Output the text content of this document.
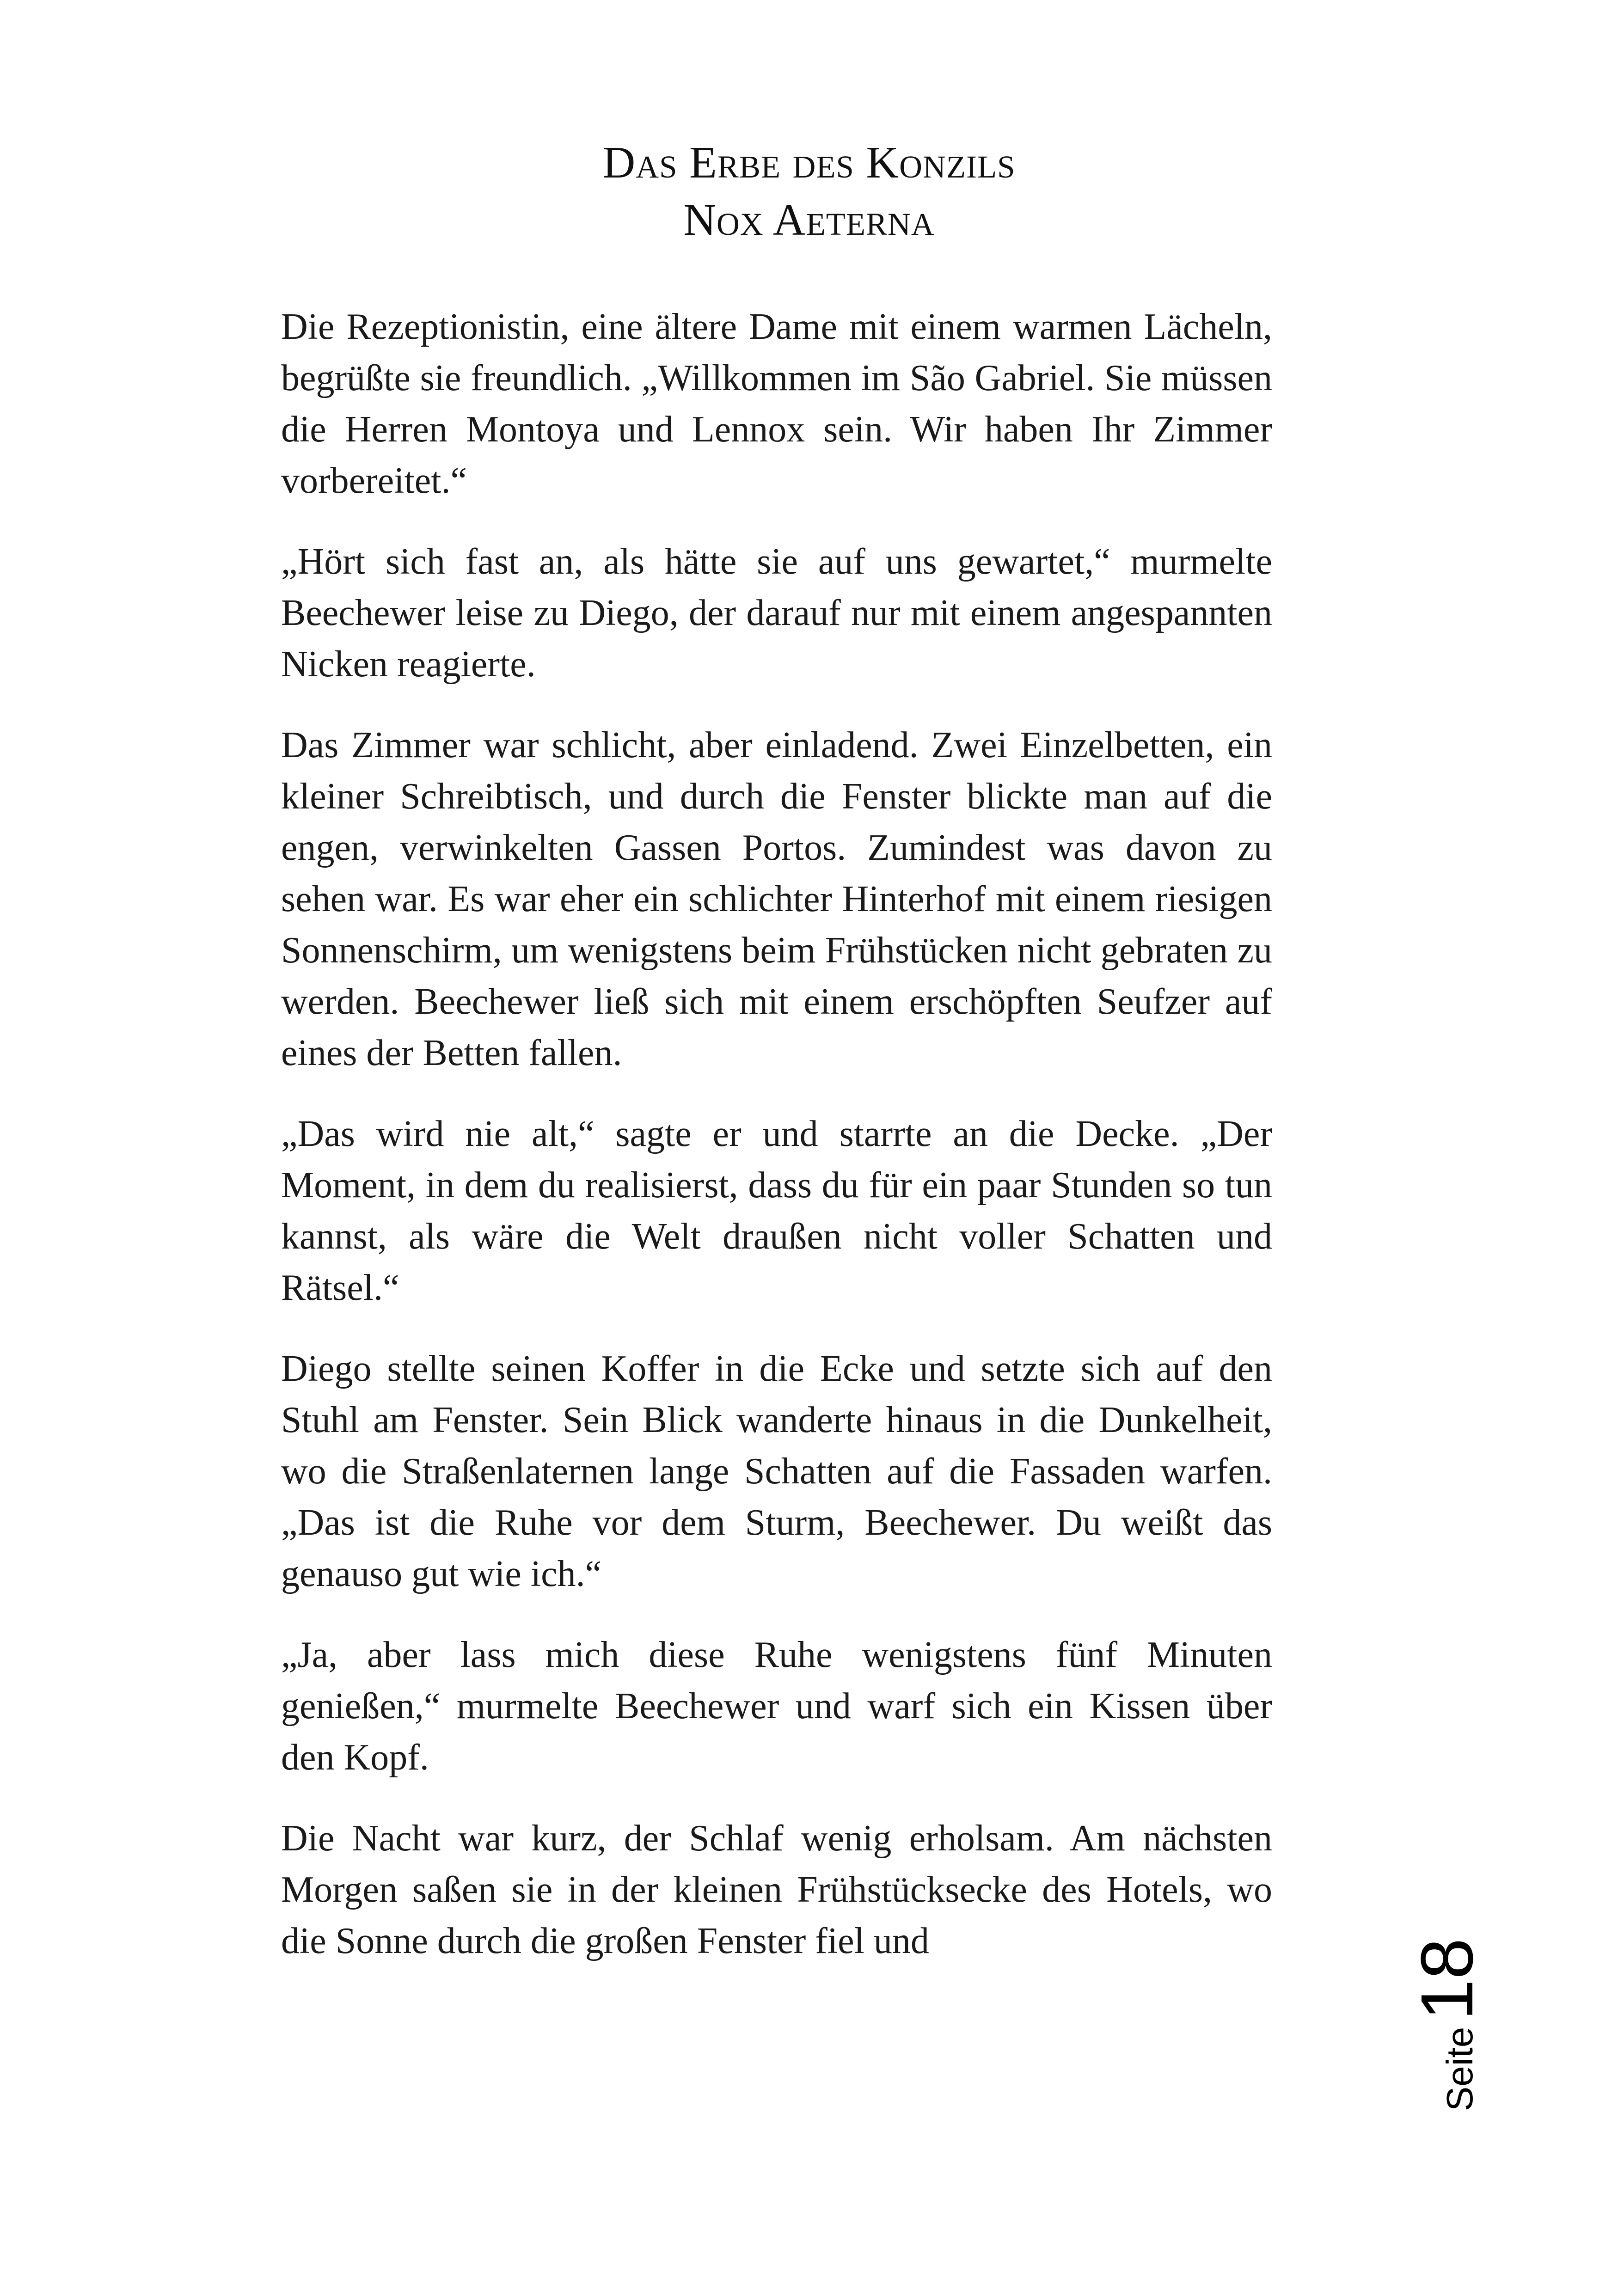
Das Erbe des Konzils
Nox Aeterna

Die Rezeptionistin, eine ältere Dame mit einem warmen Lächeln, begrüßte sie freundlich. „Willkommen im São Gabriel. Sie müssen die Herren Montoya und Lennox sein. Wir haben Ihr Zimmer vorbereitet.“

„Hört sich fast an, als hätte sie auf uns gewartet,“ murmelte Beechewer leise zu Diego, der darauf nur mit einem angespannten Nicken reagierte.

Das Zimmer war schlicht, aber einladend. Zwei Einzelbetten, ein kleiner Schreibtisch, und durch die Fenster blickte man auf die engen, verwinkelten Gassen Portos. Zumindest was davon zu sehen war. Es war eher ein schlichter Hinterhof mit einem riesigen Sonnenschirm, um wenigstens beim Frühstücken nicht gebraten zu werden. Beechewer ließ sich mit einem erschöpften Seufzer auf eines der Betten fallen.

„Das wird nie alt,“ sagte er und starrte an die Decke. „Der Moment, in dem du realisierst, dass du für ein paar Stunden so tun kannst, als wäre die Welt draußen nicht voller Schatten und Rätsel.“

Diego stellte seinen Koffer in die Ecke und setzte sich auf den Stuhl am Fenster. Sein Blick wanderte hinaus in die Dunkelheit, wo die Straßenlaternen lange Schatten auf die Fassaden warfen. „Das ist die Ruhe vor dem Sturm, Beechewer. Du weißt das genauso gut wie ich.“

„Ja, aber lass mich diese Ruhe wenigstens fünf Minuten genießen,“ murmelte Beechewer und warf sich ein Kissen über den Kopf.

Die Nacht war kurz, der Schlaf wenig erholsam. Am nächsten Morgen saßen sie in der kleinen Frühstücksecke des Hotels, wo die Sonne durch die großen Fenster fiel und

Seite18
